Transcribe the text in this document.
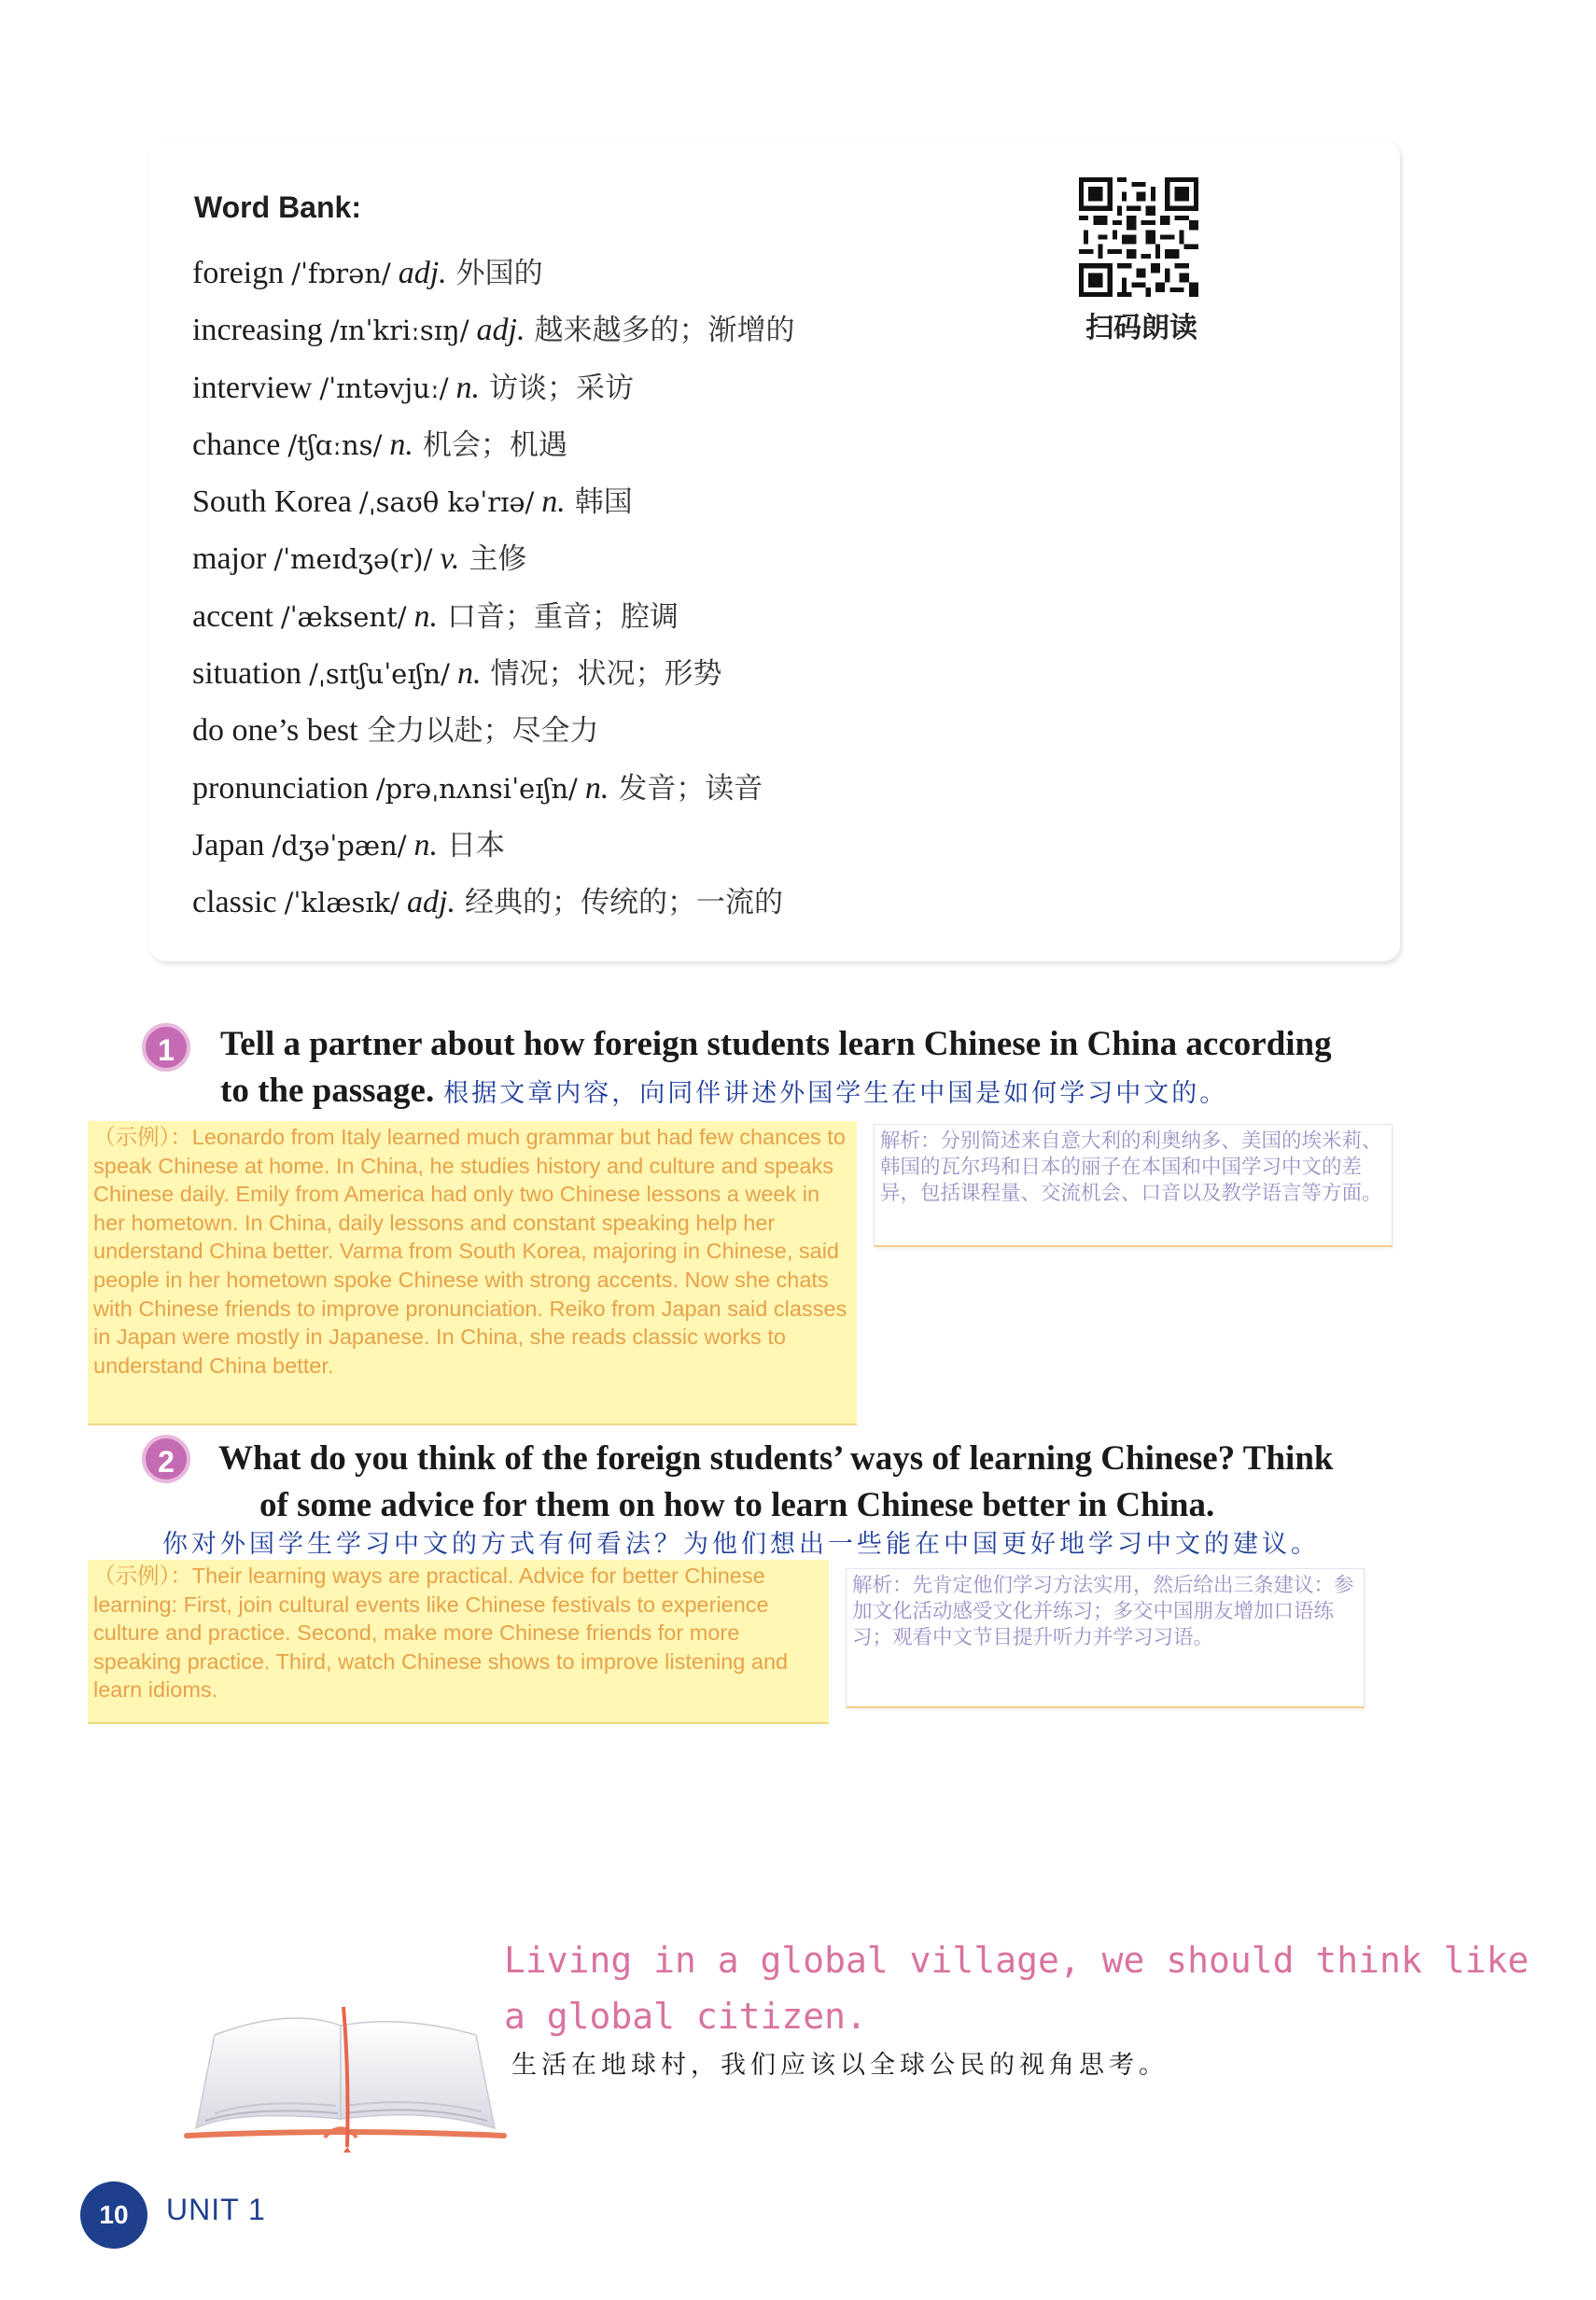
Word Bank:
foreign /ˈfɒrən/ adj. 外国的
increasing /ɪnˈkriːsɪŋ/ adj. 越来越多的；渐增的
interview /ˈɪntəvjuː/ n. 访谈；采访
chance /tʃɑːns/ n. 机会；机遇
South Korea /ˌsaʊθ kəˈrɪə/ n. 韩国
major /ˈmeɪdʒə(r)/ v. 主修
accent /ˈæksent/ n. 口音；重音；腔调
situation /ˌsɪtʃuˈeɪʃn/ n. 情况；状况；形势
do one’s best 全力以赴；尽全力
pronunciation /prəˌnʌnsiˈeɪʃn/ n. 发音；读音
Japan /dʒəˈpæn/ n. 日本
classic /ˈklæsɪk/ adj. 经典的；传统的；一流的
扫码朗读
1	Tell a partner about how foreign students learn Chinese in China according
to the passage. 根据文章内容，向同伴讲述外国学生在中国是如何学习中文的。
（示例）：Leonardo from Italy learned much grammar but had few chances to speak Chinese at home. In China, he studies history and culture and speaks Chinese daily. Emily from America had only two Chinese lessons a week in her hometown. In China, daily lessons and constant speaking help her understand China better. Varma from South Korea, majoring in Chinese, said people in her hometown spoke Chinese with strong accents. Now she chats with Chinese friends to improve pronunciation. Reiko from Japan said classes in Japan were mostly in Japanese. In China, she reads classic works to understand China better.
解析：分别简述来自意大利的利奥纳多、美国的埃米莉、韩国的瓦尔玛和日本的丽子在本国和中国学习中文的差异，包括课程量、交流机会、口音以及教学语言等方面。
2	What do you think of the foreign students’ ways of learning Chinese? Think
of some advice for them on how to learn Chinese better in China.
你对外国学生学习中文的方式有何看法？为他们想出一些能在中国更好地学习中文的建议。
（示例）：Their learning ways are practical. Advice for better Chinese learning: First, join cultural events like Chinese festivals to experience culture and practice. Second, make more Chinese friends for more speaking practice. Third, watch Chinese shows to improve listening and learn idioms.
解析：先肯定他们学习方法实用，然后给出三条建议：参加文化活动感受文化并练习；多交中国朋友增加口语练习；观看中文节目提升听力并学习习语。
Living in a global village, we should think like
a global citizen.
生活在地球村，我们应该以全球公民的视角思考。
10	UNIT 1
